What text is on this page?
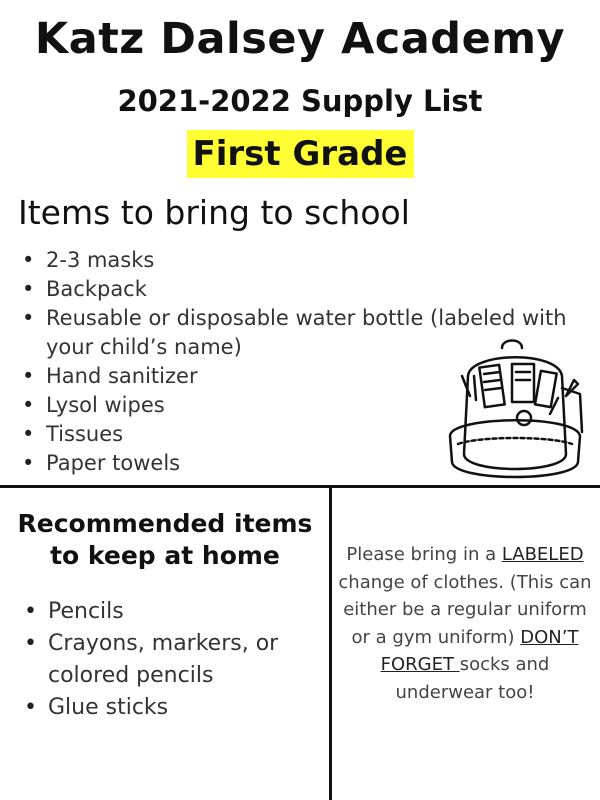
Katz Dalsey Academy
2021-2022 Supply List
First Grade
Items to bring to school
• 2-3 masks
• Backpack
• Reusable or disposable water bottle (labeled with your child’s name)
• Hand sanitizer
• Lysol wipes
• Tissues
• Paper towels
Recommended items
to keep at home
• Pencils
• Crayons, markers, or colored pencils
• Glue sticks
Please bring in a LABELED change of clothes. (This can either be a regular uniform or a gym uniform) DON’T FORGET socks and underwear too!
